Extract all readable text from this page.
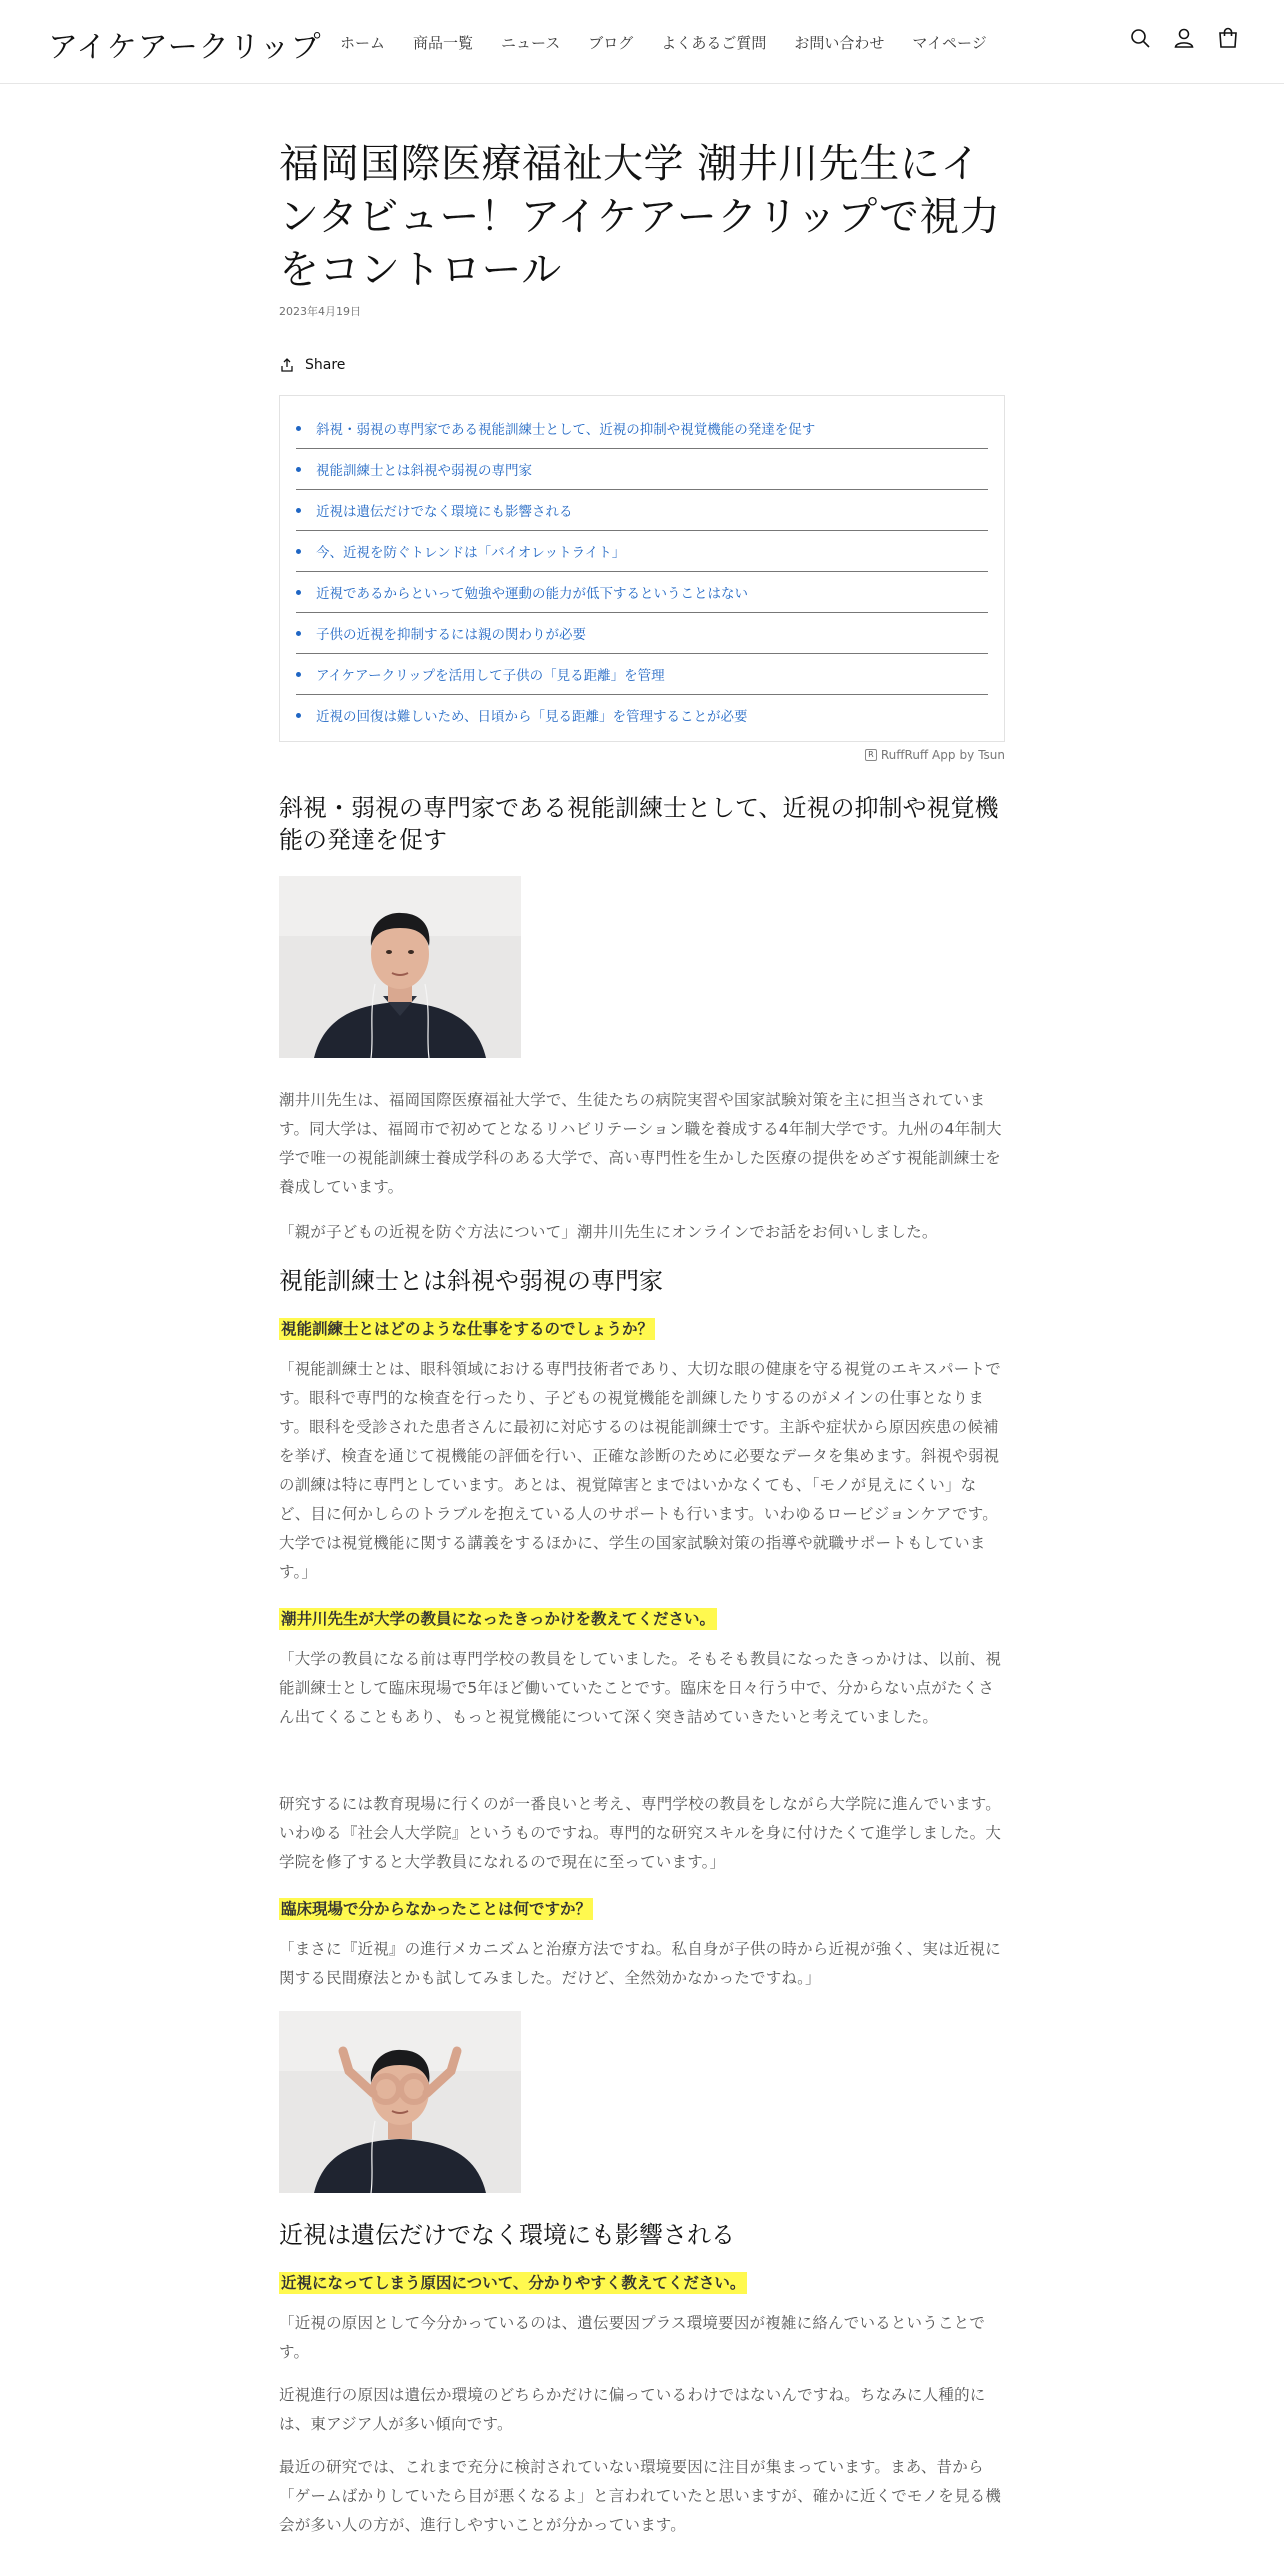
アイケアークリップ ホーム 商品一覧 ニュース ブログ よくあるご質問 お問い合わせ マイページ
福岡国際医療福祉大学 潮井川先生にインタビュー！アイケアークリップで視力をコントロール
2023年4月19日
Share
斜視・弱視の専門家である視能訓練士として、近視の抑制や視覚機能の発達を促す
視能訓練士とは斜視や弱視の専門家
近視は遺伝だけでなく環境にも影響される
今、近視を防ぐトレンドは「バイオレットライト」
近視であるからといって勉強や運動の能力が低下するということはない
子供の近視を抑制するには親の関わりが必要
アイケアークリップを活用して子供の「見る距離」を管理
近視の回復は難しいため、日頃から「見る距離」を管理することが必要
R RuffRuff App by Tsun
斜視・弱視の専門家である視能訓練士として、近視の抑制や視覚機能の発達を促す

潮井川先生は、福岡国際医療福祉大学で、生徒たちの病院実習や国家試験対策を主に担当されています。同大学は、福岡市で初めてとなるリハビリテーション職を養成する4年制大学です。九州の4年制大学で唯一の視能訓練士養成学科のある大学で、高い専門性を生かした医療の提供をめざす視能訓練士を養成しています。

「親が子どもの近視を防ぐ方法について」潮井川先生にオンラインでお話をお伺いしました。

視能訓練士とは斜視や弱視の専門家
視能訓練士とはどのような仕事をするのでしょうか？

「視能訓練士とは、眼科領域における専門技術者であり、大切な眼の健康を守る視覚のエキスパートです。眼科で専門的な検査を行ったり、子どもの視覚機能を訓練したりするのがメインの仕事となります。眼科を受診された患者さんに最初に対応するのは視能訓練士です。主訴や症状から原因疾患の候補を挙げ、検査を通じて視機能の評価を行い、正確な診断のために必要なデータを集めます。斜視や弱視の訓練は特に専門としています。あとは、視覚障害とまではいかなくても、「モノが見えにくい」など、目に何かしらのトラブルを抱えている人のサポートも行います。いわゆるロービジョンケアです。大学では視覚機能に関する講義をするほかに、学生の国家試験対策の指導や就職サポートもしています。」

潮井川先生が大学の教員になったきっかけを教えてください。

「大学の教員になる前は専門学校の教員をしていました。そもそも教員になったきっかけは、以前、視能訓練士として臨床現場で5年ほど働いていたことです。臨床を日々行う中で、分からない点がたくさん出てくることもあり、もっと視覚機能について深く突き詰めていきたいと考えていました。

研究するには教育現場に行くのが一番良いと考え、専門学校の教員をしながら大学院に進んでいます。いわゆる『社会人大学院』というものですね。専門的な研究スキルを身に付けたくて進学しました。大学院を修了すると大学教員になれるので現在に至っています。」

臨床現場で分からなかったことは何ですか？

「まさに『近視』の進行メカニズムと治療方法ですね。私自身が子供の時から近視が強く、実は近視に関する民間療法とかも試してみました。だけど、全然効かなかったですね。」

近視は遺伝だけでなく環境にも影響される
近視になってしまう原因について、分かりやすく教えてください。

「近視の原因として今分かっているのは、遺伝要因プラス環境要因が複雑に絡んでいるということです。

近視進行の原因は遺伝か環境のどちらかだけに偏っているわけではないんですね。ちなみに人種的には、東アジア人が多い傾向です。

最近の研究では、これまで充分に検討されていない環境要因に注目が集まっています。まあ、昔から「ゲームばかりしていたら目が悪くなるよ」と言われていたと思いますが、確かに近くでモノを見る機会が多い人の方が、進行しやすいことが分かっています。
